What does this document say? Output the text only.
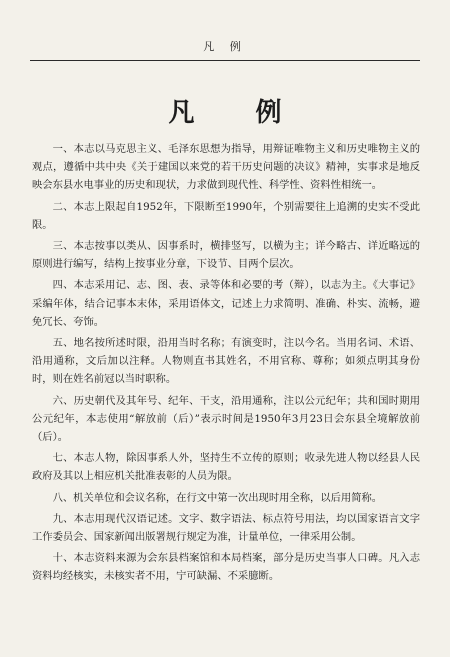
凡 例
凡 例

一、本志以马克思主义、毛泽东思想为指导，用辩证唯物主义和历史唯物主义的观点，遵循中共中央《关于建国以来党的若干历史问题的决议》精神，实事求是地反映会东县水电事业的历史和现状，力求做到现代性、科学性、资料性相统一。

二、本志上限起自1952年，下限断至1990年，个别需要往上追溯的史实不受此限。

三、本志按事以类从、因事系时，横排竖写，以横为主；详今略古、详近略远的原则进行编写，结构上按事业分章，下设节、目两个层次。

四、本志采用记、志、图、表、录等体和必要的考（辩），以志为主。《大事记》采编年体，结合记事本末体，采用语体文，记述上力求简明、准确、朴实、流畅，避免冗长、夸饰。

五、地名按所述时限，沿用当时名称；有演变时，注以今名。当用名词、术语、沿用通称，文后加以注释。人物则直书其姓名，不用官称、尊称；如须点明其身份时，则在姓名前冠以当时职称。

六、历史朝代及其年号、纪年、干支，沿用通称，注以公元纪年；共和国时期用公元纪年，本志使用“解放前（后）”表示时间是1950年3月23日会东县全境解放前（后）。

七、本志人物，除因事系人外，坚持生不立传的原则；收录先进人物以经县人民政府及其以上相应机关批准表彰的人员为限。

八、机关单位和会议名称，在行文中第一次出现时用全称，以后用简称。

九、本志用现代汉语记述。文字、数字语法、标点符号用法，均以国家语言文字工作委员会、国家新闻出版署规行规定为准，计量单位，一律采用公制。

十、本志资料来源为会东县档案馆和本局档案，部分是历史当事人口碑。凡入志资料均经核实，未核实者不用，宁可缺漏、不采臆断。
